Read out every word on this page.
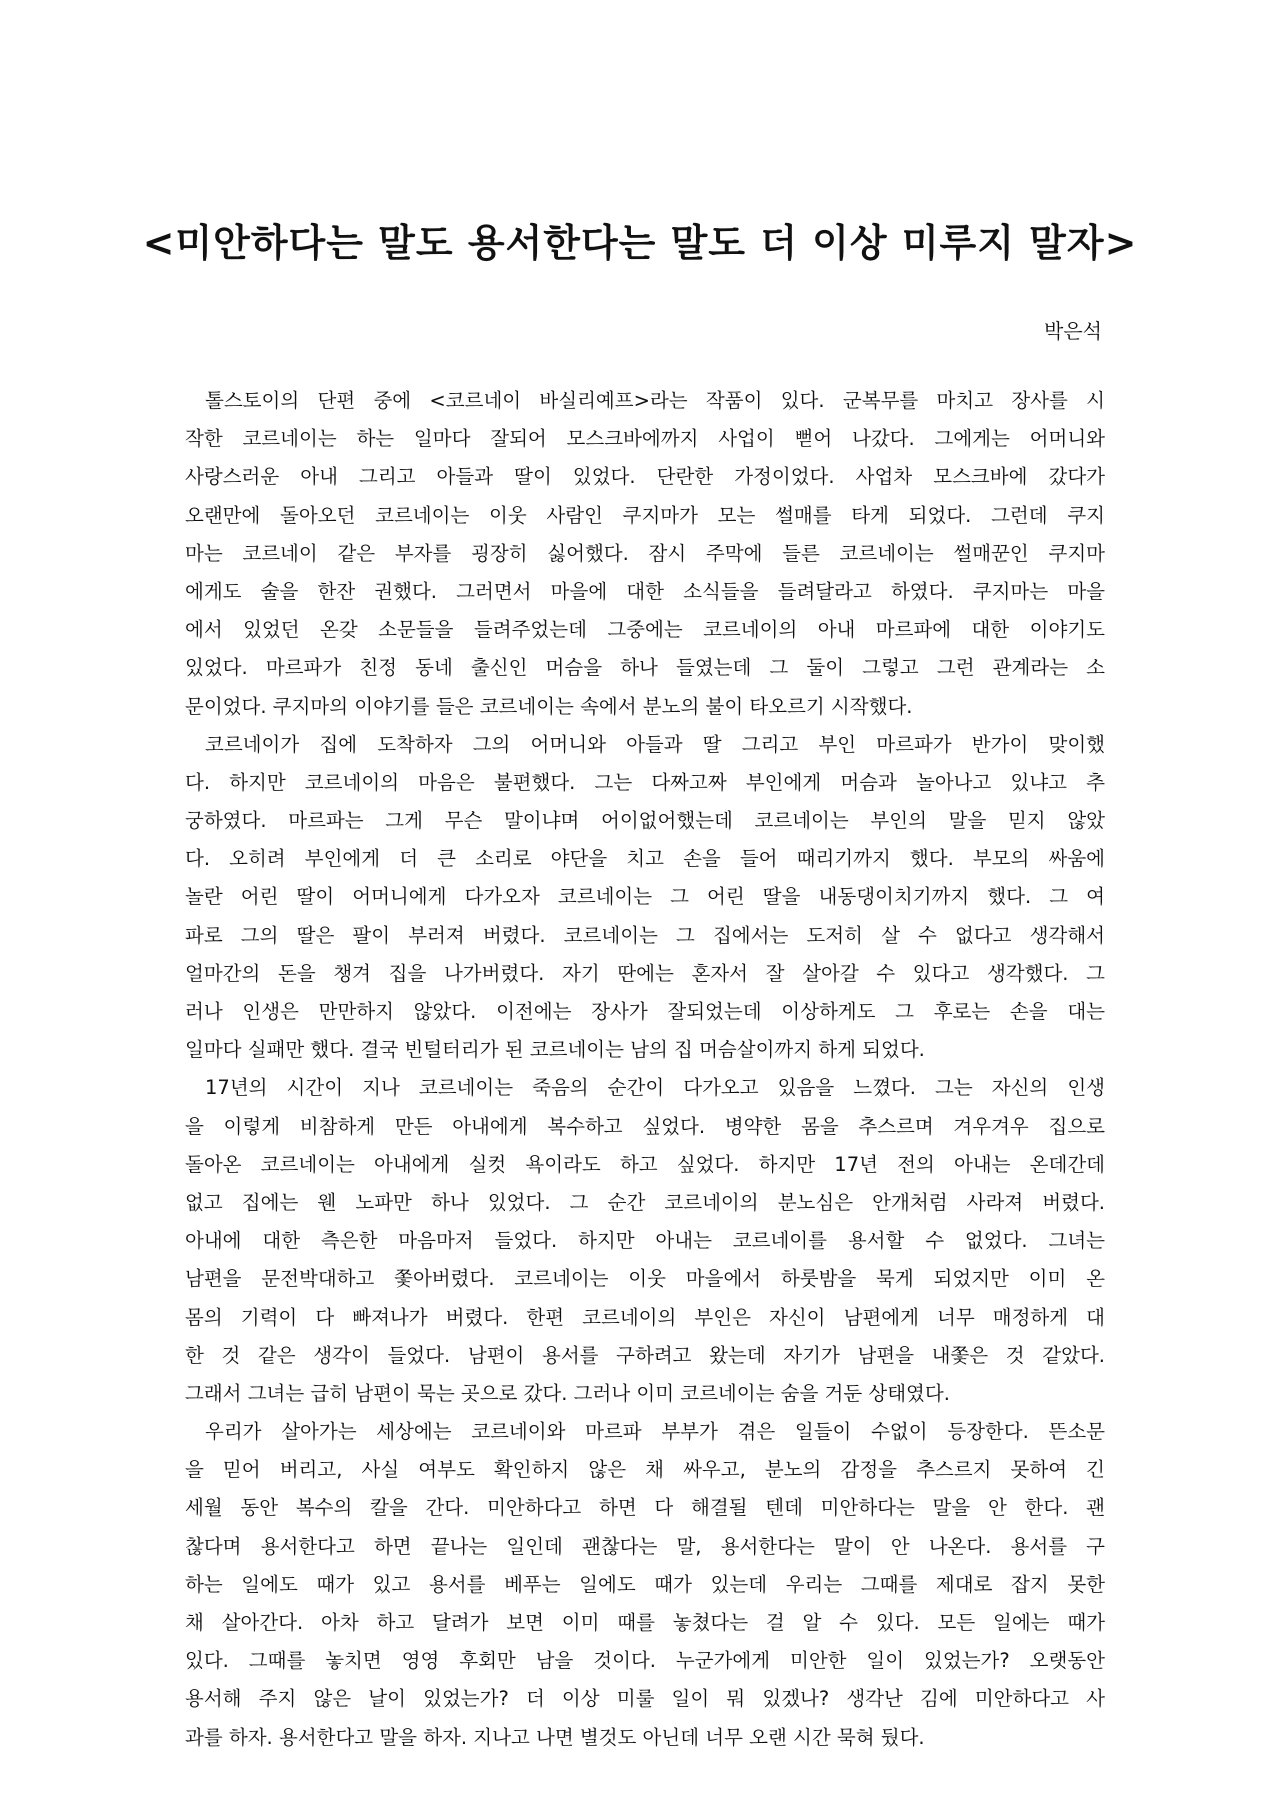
<미안하다는 말도 용서한다는 말도 더 이상 미루지 말자>
박은석
톨스토이의 단편 중에 <코르네이 바실리예프>라는 작품이 있다. 군복무를 마치고 장사를 시
작한 코르네이는 하는 일마다 잘되어 모스크바에까지 사업이 뻗어 나갔다. 그에게는 어머니와
사랑스러운 아내 그리고 아들과 딸이 있었다. 단란한 가정이었다. 사업차 모스크바에 갔다가
오랜만에 돌아오던 코르네이는 이웃 사람인 쿠지마가 모는 썰매를 타게 되었다. 그런데 쿠지
마는 코르네이 같은 부자를 굉장히 싫어했다. 잠시 주막에 들른 코르네이는 썰매꾼인 쿠지마
에게도 술을 한잔 권했다. 그러면서 마을에 대한 소식들을 들려달라고 하였다. 쿠지마는 마을
에서 있었던 온갖 소문들을 들려주었는데 그중에는 코르네이의 아내 마르파에 대한 이야기도
있었다. 마르파가 친정 동네 출신인 머슴을 하나 들였는데 그 둘이 그렇고 그런 관계라는 소
문이었다. 쿠지마의 이야기를 들은 코르네이는 속에서 분노의 불이 타오르기 시작했다.
코르네이가 집에 도착하자 그의 어머니와 아들과 딸 그리고 부인 마르파가 반가이 맞이했
다. 하지만 코르네이의 마음은 불편했다. 그는 다짜고짜 부인에게 머슴과 놀아나고 있냐고 추
궁하였다. 마르파는 그게 무슨 말이냐며 어이없어했는데 코르네이는 부인의 말을 믿지 않았
다. 오히려 부인에게 더 큰 소리로 야단을 치고 손을 들어 때리기까지 했다. 부모의 싸움에
놀란 어린 딸이 어머니에게 다가오자 코르네이는 그 어린 딸을 내동댕이치기까지 했다. 그 여
파로 그의 딸은 팔이 부러져 버렸다. 코르네이는 그 집에서는 도저히 살 수 없다고 생각해서
얼마간의 돈을 챙겨 집을 나가버렸다. 자기 딴에는 혼자서 잘 살아갈 수 있다고 생각했다. 그
러나 인생은 만만하지 않았다. 이전에는 장사가 잘되었는데 이상하게도 그 후로는 손을 대는
일마다 실패만 했다. 결국 빈털터리가 된 코르네이는 남의 집 머슴살이까지 하게 되었다.
17년의 시간이 지나 코르네이는 죽음의 순간이 다가오고 있음을 느꼈다. 그는 자신의 인생
을 이렇게 비참하게 만든 아내에게 복수하고 싶었다. 병약한 몸을 추스르며 겨우겨우 집으로
돌아온 코르네이는 아내에게 실컷 욕이라도 하고 싶었다. 하지만 17년 전의 아내는 온데간데
없고 집에는 웬 노파만 하나 있었다. 그 순간 코르네이의 분노심은 안개처럼 사라져 버렸다.
아내에 대한 측은한 마음마저 들었다. 하지만 아내는 코르네이를 용서할 수 없었다. 그녀는
남편을 문전박대하고 쫓아버렸다. 코르네이는 이웃 마을에서 하룻밤을 묵게 되었지만 이미 온
몸의 기력이 다 빠져나가 버렸다. 한편 코르네이의 부인은 자신이 남편에게 너무 매정하게 대
한 것 같은 생각이 들었다. 남편이 용서를 구하려고 왔는데 자기가 남편을 내쫓은 것 같았다.
그래서 그녀는 급히 남편이 묵는 곳으로 갔다. 그러나 이미 코르네이는 숨을 거둔 상태였다.
우리가 살아가는 세상에는 코르네이와 마르파 부부가 겪은 일들이 수없이 등장한다. 뜬소문
을 믿어 버리고, 사실 여부도 확인하지 않은 채 싸우고, 분노의 감정을 추스르지 못하여 긴
세월 동안 복수의 칼을 간다. 미안하다고 하면 다 해결될 텐데 미안하다는 말을 안 한다. 괜
찮다며 용서한다고 하면 끝나는 일인데 괜찮다는 말, 용서한다는 말이 안 나온다. 용서를 구
하는 일에도 때가 있고 용서를 베푸는 일에도 때가 있는데 우리는 그때를 제대로 잡지 못한
채 살아간다. 아차 하고 달려가 보면 이미 때를 놓쳤다는 걸 알 수 있다. 모든 일에는 때가
있다. 그때를 놓치면 영영 후회만 남을 것이다. 누군가에게 미안한 일이 있었는가? 오랫동안
용서해 주지 않은 날이 있었는가? 더 이상 미룰 일이 뭐 있겠나? 생각난 김에 미안하다고 사
과를 하자. 용서한다고 말을 하자. 지나고 나면 별것도 아닌데 너무 오랜 시간 묵혀 뒀다.
